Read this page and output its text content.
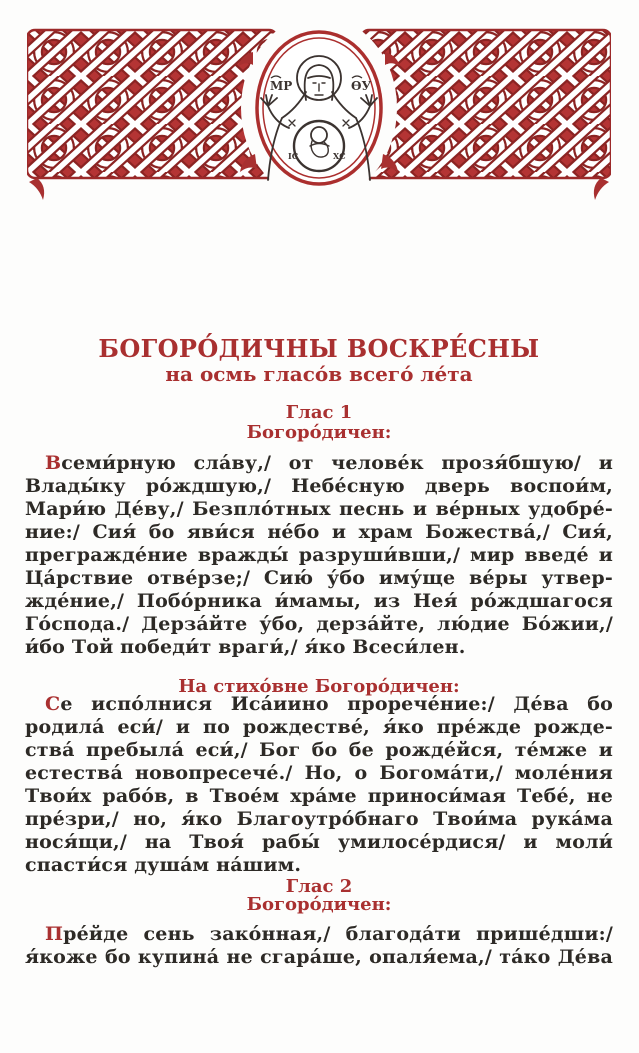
МР	ѲУ
ІС	ХС
БОГОРО́ДИЧНЫ ВОСКРЕ́СНЫ
на осмь гласо́в всего́ ле́та
Глас 1
Богоро́дичен:
Всеми́рную сла́ву,/ от челове́к прозя́бшую/ и
Влады́ку ро́ждшую,/ Небе́сную дверь воспои́м,
Мари́ю Де́ву,/ Безпло́тных песнь и ве́рных удобре́-
ние:/ Сия́ бо яви́ся не́бо и храм Божества́,/ Сия́,
прегражде́ние вражды́ разруши́вши,/ мир введе́ и
Ца́рствие отве́рзе;/ Сию́ у́бо иму́ще ве́ры утвер-
жде́ние,/ Побо́рника и́мамы, из Нея́ ро́ждшагося
Го́спода./ Дерза́йте у́бо, дерза́йте, лю́дие Бо́жии,/
и́бо Той победи́т враги́,/ я́ко Всеси́лен.
На стихо́вне Богоро́дичен:
Се испо́лнися Иса́иино прорече́ние:/ Де́ва бо
родила́ еси́/ и по рождестве́, я́ко пре́жде рожде-
ства́ пребыла́ еси́,/ Бог бо бе рожде́йся, те́мже и
естества́ новопресече́./ Но, о Богома́ти,/ моле́ния
Твои́х рабо́в, в Твое́м хра́ме приноси́мая Тебе́, не
пре́зри,/ но, я́ко Благоутро́бнаго Твои́ма рука́ма
нося́щи,/ на Твоя́ рабы́ умилосе́рдися/ и моли́
спасти́ся душа́м на́шим.
Глас 2
Богоро́дичен:
Пре́йде сень зако́нная,/ благода́ти прише́дши:/
я́коже бо купина́ не сгара́ше, опаля́ема,/ та́ко Де́ва
